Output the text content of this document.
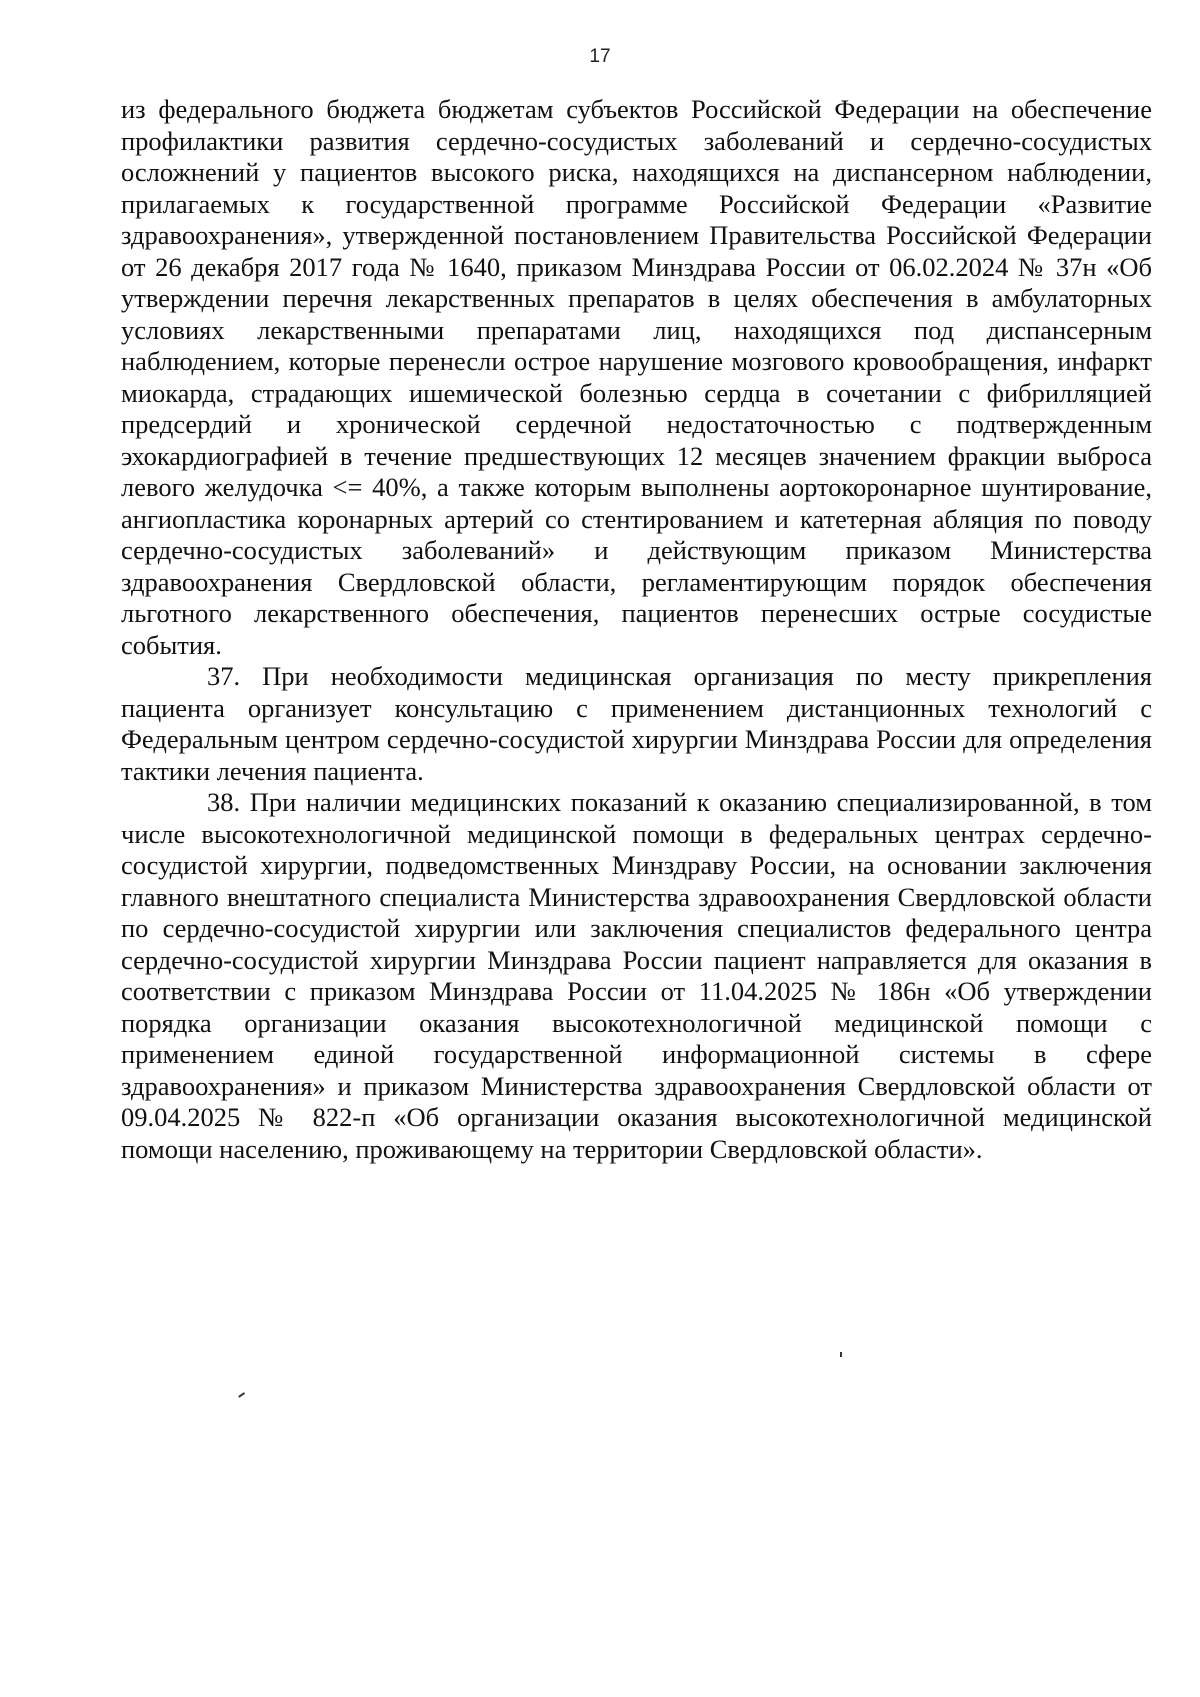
17

из федерального бюджета бюджетам субъектов Российской Федерации на обеспечение профилактики развития сердечно-сосудистых заболеваний и сердечно-сосудистых осложнений у пациентов высокого риска, находящихся на диспансерном наблюдении, прилагаемых к государственной программе Российской Федерации «Развитие здравоохранения», утвержденной постановлением Правительства Российской Федерации от 26 декабря 2017 года № 1640, приказом Минздрава России от 06.02.2024 № 37н «Об утверждении перечня лекарственных препаратов в целях обеспечения в амбулаторных условиях лекарственными препаратами лиц, находящихся под диспансерным наблюдением, которые перенесли острое нарушение мозгового кровообращения, инфаркт миокарда, страдающих ишемической болезнью сердца в сочетании с фибрилляцией предсердий и хронической сердечной недостаточностью с подтвержденным эхокардиографией в течение предшествующих 12 месяцев значением фракции выброса левого желудочка <= 40%, а также которым выполнены аортокоронарное шунтирование, ангиопластика коронарных артерий со стентированием и катетерная абляция по поводу сердечно-сосудистых заболеваний» и действующим приказом Министерства здравоохранения Свердловской области, регламентирующим порядок обеспечения льготного лекарственного обеспечения, пациентов перенесших острые сосудистые события.

37. При необходимости медицинская организация по месту прикрепления пациента организует консультацию с применением дистанционных технологий с Федеральным центром сердечно-сосудистой хирургии Минздрава России для определения тактики лечения пациента.

38. При наличии медицинских показаний к оказанию специализированной, в том числе высокотехнологичной медицинской помощи в федеральных центрах сердечно-сосудистой хирургии, подведомственных Минздраву России, на основании заключения главного внештатного специалиста Министерства здравоохранения Свердловской области по сердечно-сосудистой хирургии или заключения специалистов федерального центра сердечно-сосудистой хирургии Минздрава России пациент направляется для оказания в соответствии с приказом Минздрава России от 11.04.2025 № 186н «Об утверждении порядка организации оказания высокотехнологичной медицинской помощи с применением единой государственной информационной системы в сфере здравоохранения» и приказом Министерства здравоохранения Свердловской области от 09.04.2025 № 822-п «Об организации оказания высокотехнологичной медицинской помощи населению, проживающему на территории Свердловской области».
